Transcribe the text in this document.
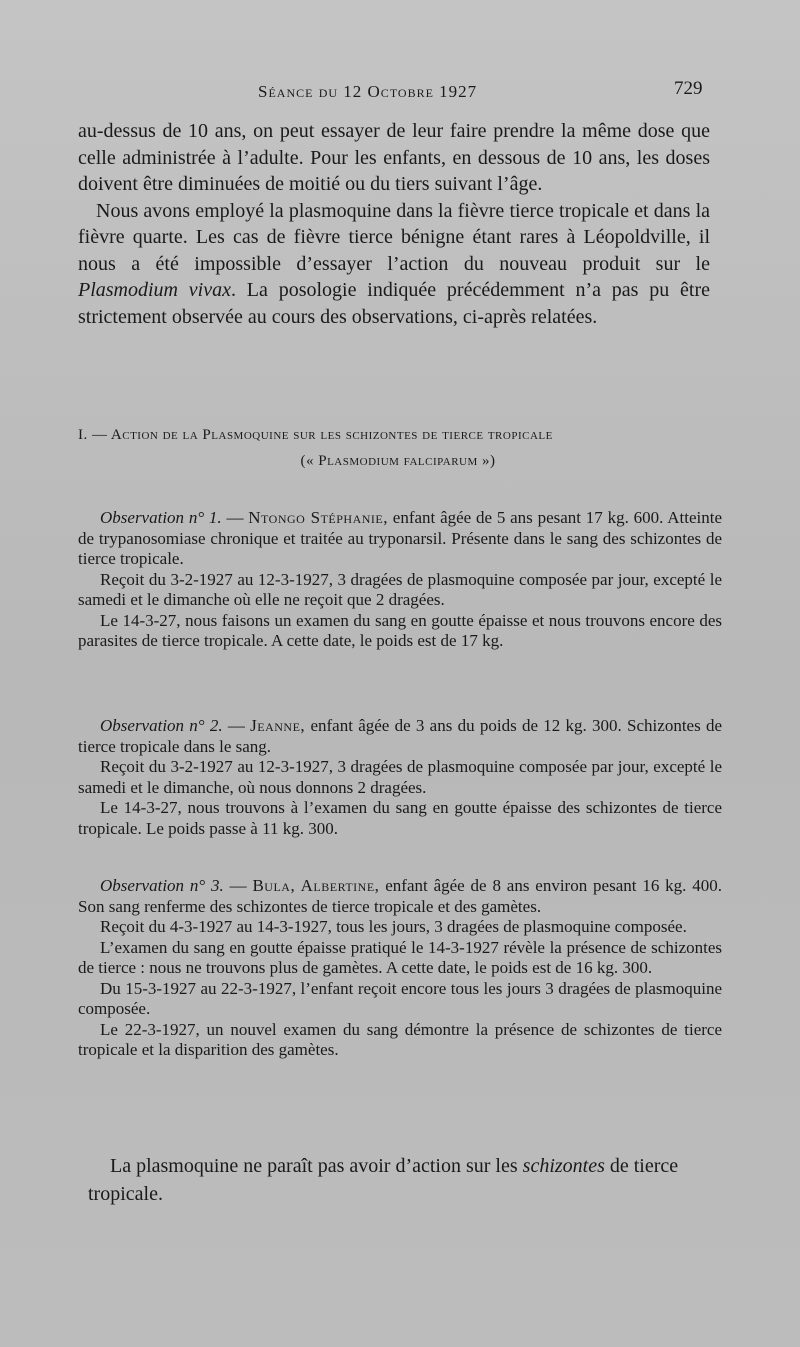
Séance du 12 Octobre 1927	729

au-dessus de 10 ans, on peut essayer de leur faire prendre la même dose que celle administrée à l’adulte. Pour les enfants, en dessous de 10 ans, les doses doivent être diminuées de moitié ou du tiers suivant l’âge.

Nous avons employé la plasmoquine dans la fièvre tierce tropicale et dans la fièvre quarte. Les cas de fièvre tierce bénigne étant rares à Léopoldville, il nous a été impossible d’essayer l’action du nouveau produit sur le Plasmodium vivax. La posologie indiquée précédemment n’a pas pu être strictement observée au cours des observations, ci-après relatées.

I. — Action de la Plasmoquine sur les schizontes de tierce tropicale
(« Plasmodium falciparum »)

Observation n° 1. — Ntongo Stéphanie, enfant âgée de 5 ans pesant 17 kg. 600. Atteinte de trypanosomiase chronique et traitée au tryponarsil. Présente dans le sang des schizontes de tierce tropicale.

Reçoit du 3-2-1927 au 12-3-1927, 3 dragées de plasmoquine composée par jour, excepté le samedi et le dimanche où elle ne reçoit que 2 dragées.

Le 14-3-27, nous faisons un examen du sang en goutte épaisse et nous trouvons encore des parasites de tierce tropicale. A cette date, le poids est de 17 kg.

Observation n° 2. — Jeanne, enfant âgée de 3 ans du poids de 12 kg. 300. Schizontes de tierce tropicale dans le sang.

Reçoit du 3-2-1927 au 12-3-1927, 3 dragées de plasmoquine composée par jour, excepté le samedi et le dimanche, où nous donnons 2 dragées.

Le 14-3-27, nous trouvons à l’examen du sang en goutte épaisse des schizontes de tierce tropicale. Le poids passe à 11 kg. 300.

Observation n° 3. — Bula, Albertine, enfant âgée de 8 ans environ pesant 16 kg. 400. Son sang renferme des schizontes de tierce tropicale et des gamètes.

Reçoit du 4-3-1927 au 14-3-1927, tous les jours, 3 dragées de plasmoquine composée.

L’examen du sang en goutte épaisse pratiqué le 14-3-1927 révèle la présence de schizontes de tierce : nous ne trouvons plus de gamètes. A cette date, le poids est de 16 kg. 300.

Du 15-3-1927 au 22-3-1927, l’enfant reçoit encore tous les jours 3 dragées de plasmoquine composée.

Le 22-3-1927, un nouvel examen du sang démontre la présence de schizontes de tierce tropicale et la disparition des gamètes.

La plasmoquine ne paraît pas avoir d’action sur les schizontes de tierce tropicale.
